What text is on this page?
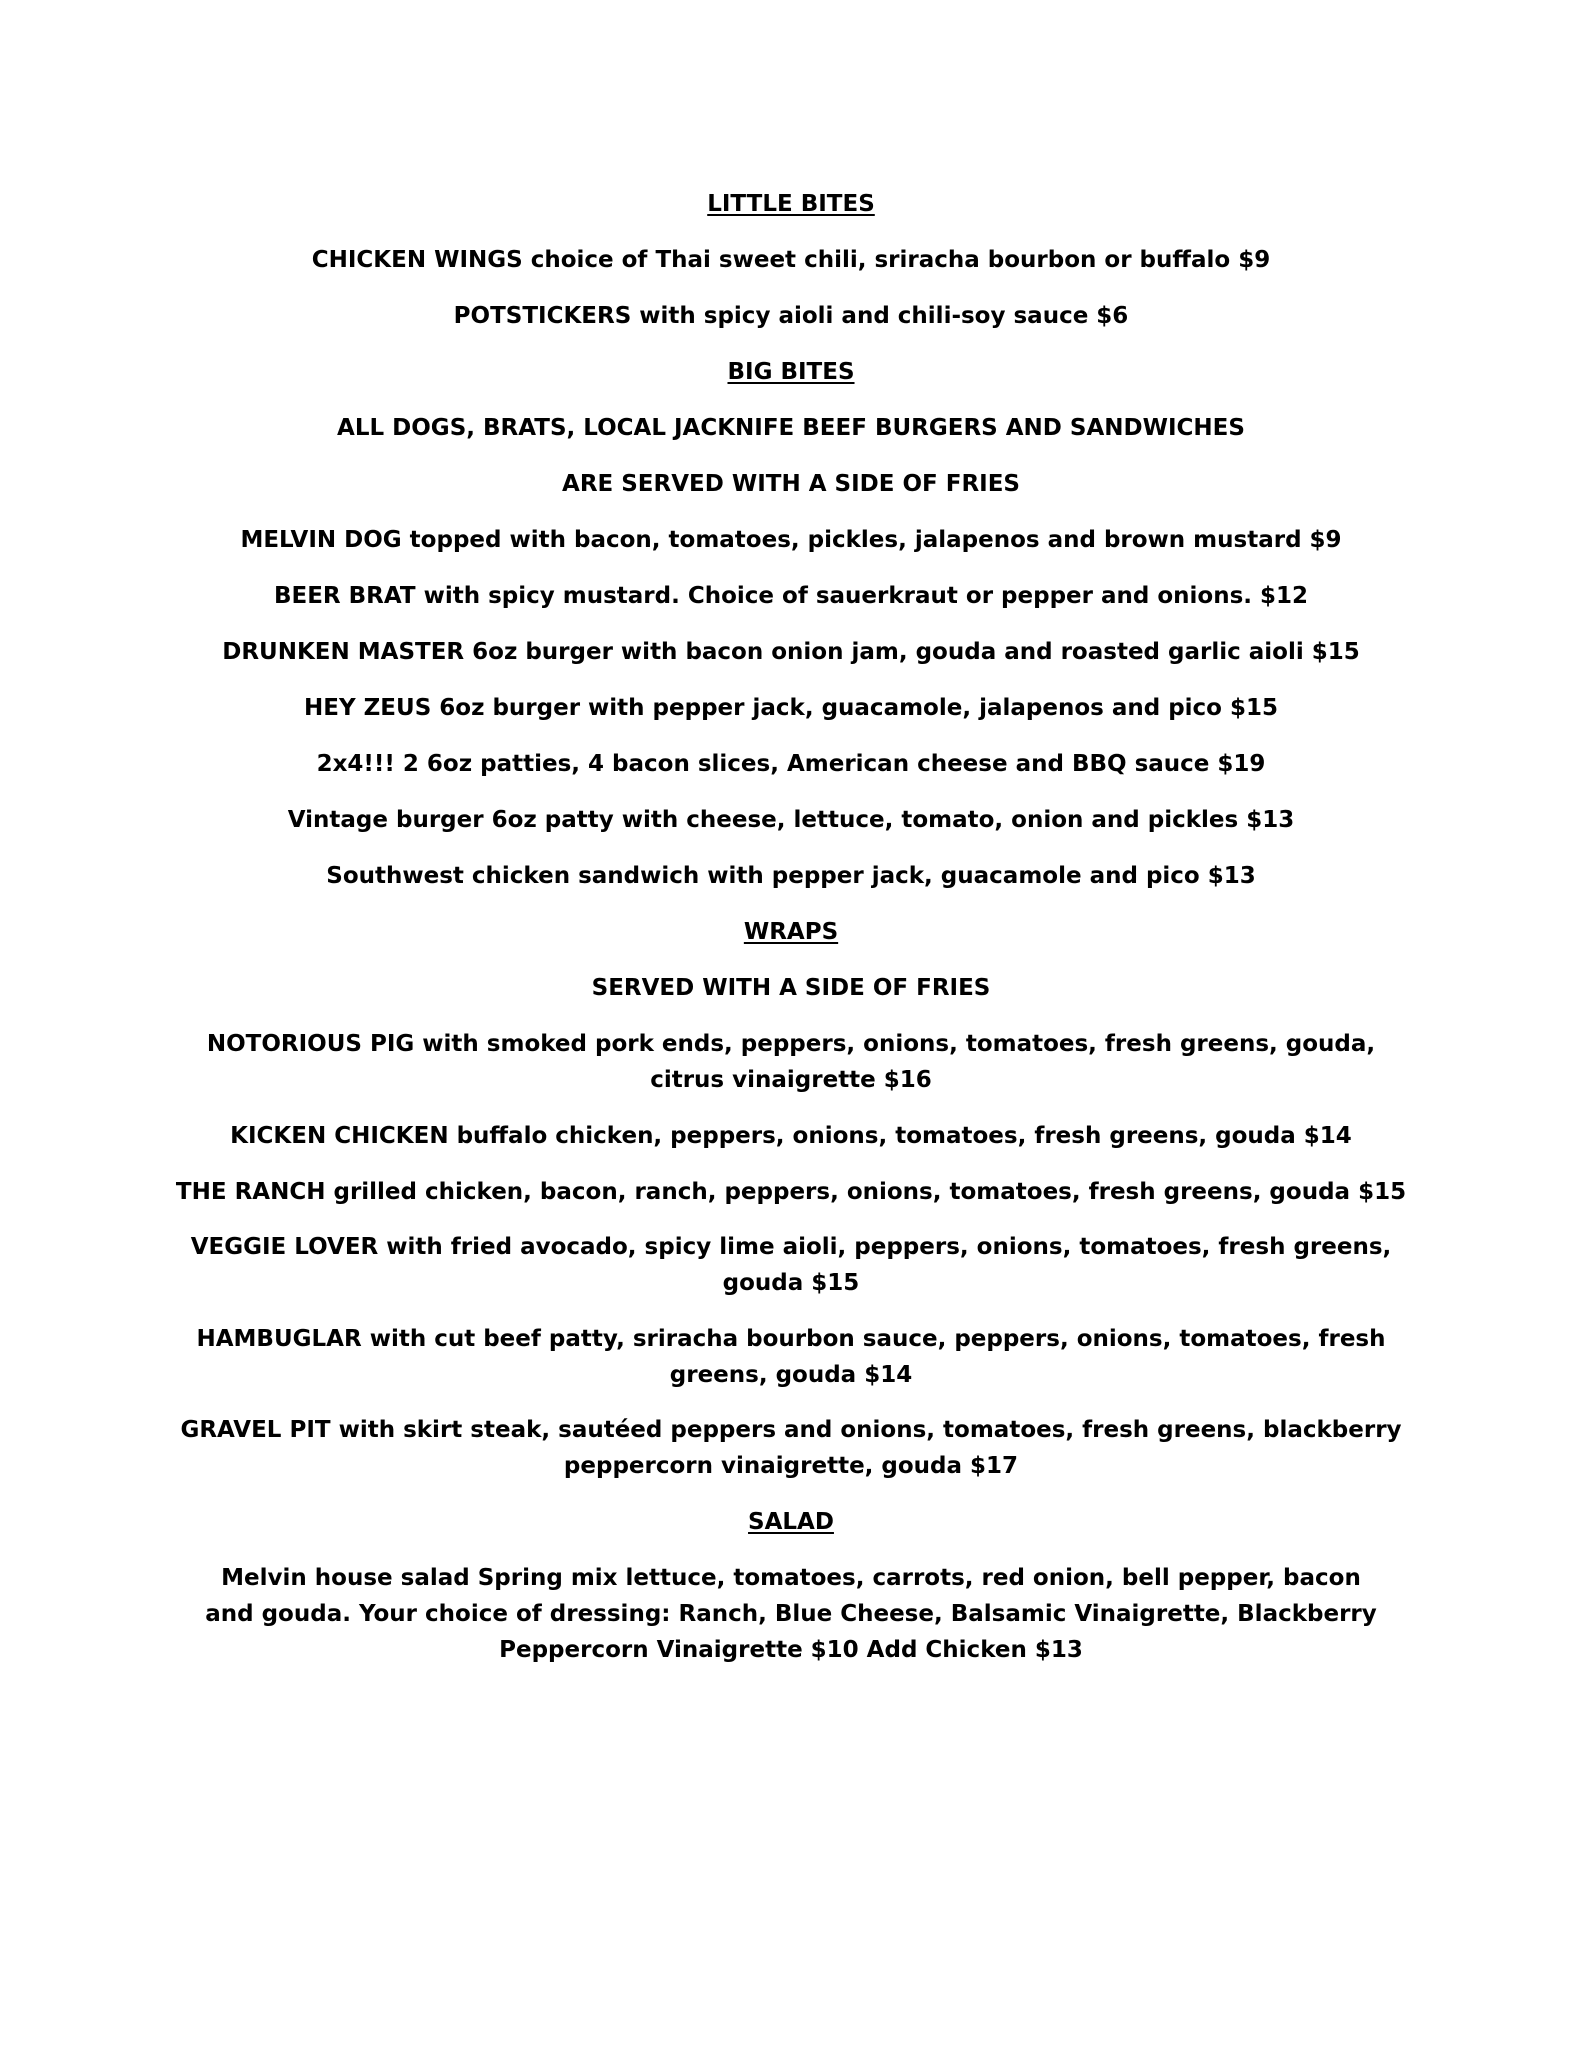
LITTLE BITES
CHICKEN WINGS choice of Thai sweet chili, sriracha bourbon or buffalo $9
POTSTICKERS with spicy aioli and chili-soy sauce $6
BIG BITES
ALL DOGS, BRATS, LOCAL JACKNIFE BEEF BURGERS AND SANDWICHES
ARE SERVED WITH A SIDE OF FRIES
MELVIN DOG topped with bacon, tomatoes, pickles, jalapenos and brown mustard $9
BEER BRAT with spicy mustard. Choice of sauerkraut or pepper and onions. $12
DRUNKEN MASTER 6oz burger with bacon onion jam, gouda and roasted garlic aioli $15
HEY ZEUS 6oz burger with pepper jack, guacamole, jalapenos and pico $15
2x4!!! 2 6oz patties, 4 bacon slices, American cheese and BBQ sauce $19
Vintage burger 6oz patty with cheese, lettuce, tomato, onion and pickles $13
Southwest chicken sandwich with pepper jack, guacamole and pico $13
WRAPS
SERVED WITH A SIDE OF FRIES
NOTORIOUS PIG with smoked pork ends, peppers, onions, tomatoes, fresh greens, gouda, citrus vinaigrette $16
KICKEN CHICKEN buffalo chicken, peppers, onions, tomatoes, fresh greens, gouda $14
THE RANCH grilled chicken, bacon, ranch, peppers, onions, tomatoes, fresh greens, gouda $15
VEGGIE LOVER with fried avocado, spicy lime aioli, peppers, onions, tomatoes, fresh greens, gouda $15
HAMBUGLAR with cut beef patty, sriracha bourbon sauce, peppers, onions, tomatoes, fresh greens, gouda $14
GRAVEL PIT with skirt steak, sautéed peppers and onions, tomatoes, fresh greens, blackberry peppercorn vinaigrette, gouda $17
SALAD
Melvin house salad Spring mix lettuce, tomatoes, carrots, red onion, bell pepper, bacon and gouda. Your choice of dressing: Ranch, Blue Cheese, Balsamic Vinaigrette, Blackberry Peppercorn Vinaigrette $10 Add Chicken $13
